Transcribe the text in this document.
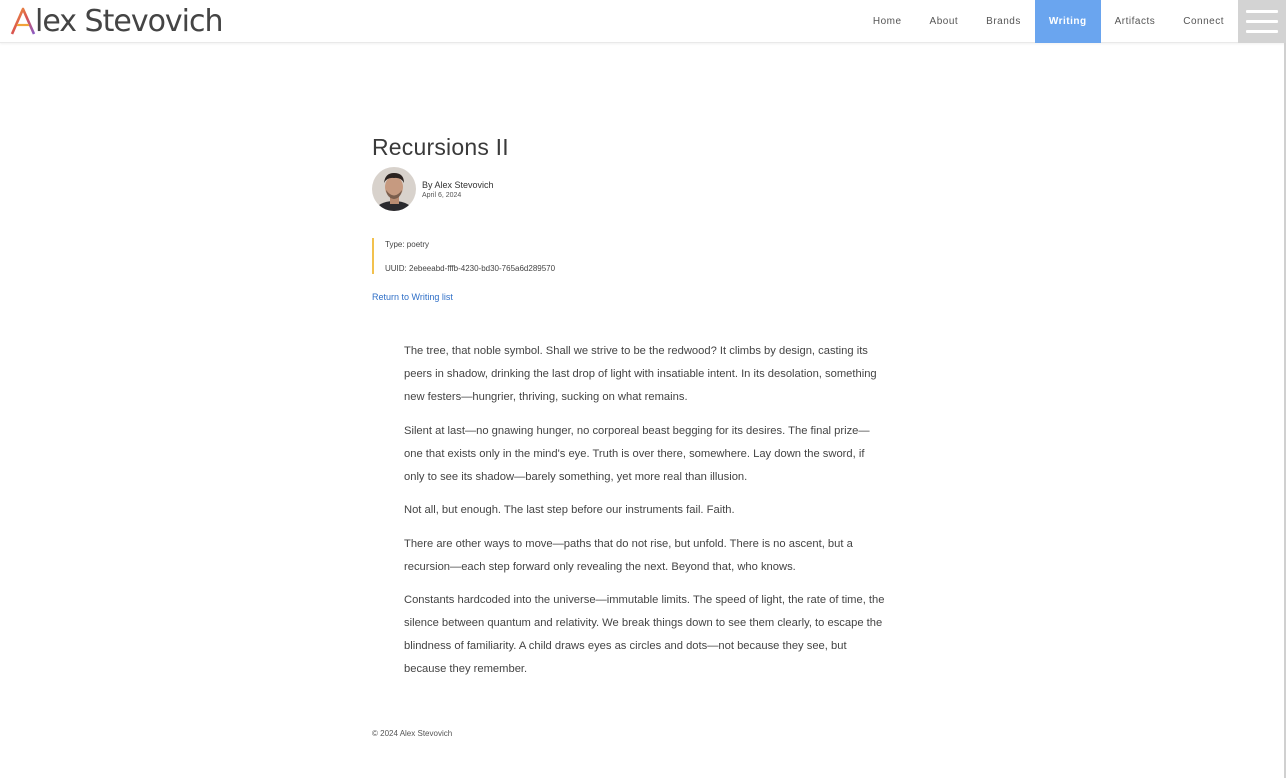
lex Stevovich	Home	About	Brands	Writing	Artifacts	Connect
Recursions II
By Alex Stevovich
April 6, 2024
Type: poetry
UUID: 2ebeeabd-fffb-4230-bd30-765a6d289570
Return to Writing list

The tree, that noble symbol. Shall we strive to be the redwood? It climbs by design, casting its peers in shadow, drinking the last drop of light with insatiable intent. In its desolation, something new festers—hungrier, thriving, sucking on what remains.

Silent at last—no gnawing hunger, no corporeal beast begging for its desires. The final prize—one that exists only in the mind's eye. Truth is over there, somewhere. Lay down the sword, if only to see its shadow—barely something, yet more real than illusion.

Not all, but enough. The last step before our instruments fail. Faith.

There are other ways to move—paths that do not rise, but unfold. There is no ascent, but a recursion—each step forward only revealing the next. Beyond that, who knows.

Constants hardcoded into the universe—immutable limits. The speed of light, the rate of time, the silence between quantum and relativity. We break things down to see them clearly, to escape the blindness of familiarity. A child draws eyes as circles and dots—not because they see, but because they remember.

© 2024 Alex Stevovich
